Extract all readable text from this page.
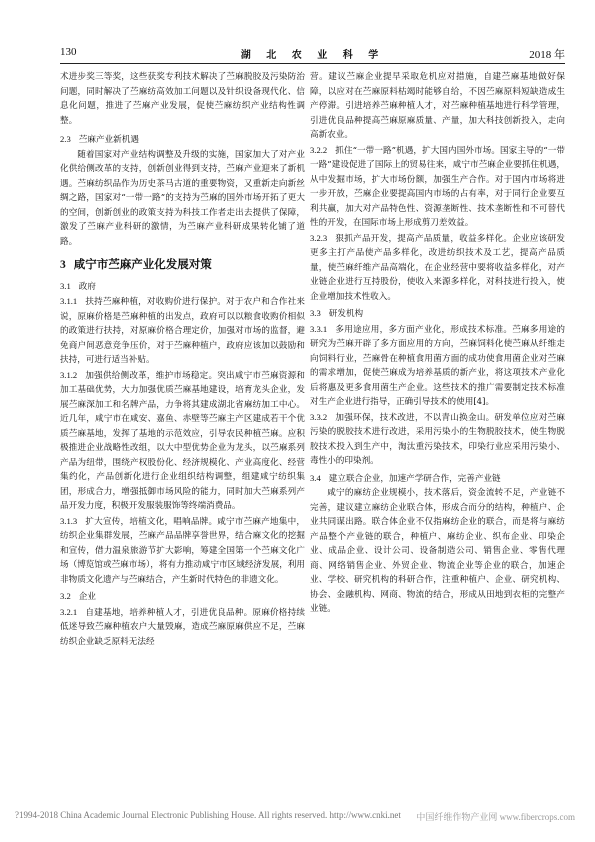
130	湖 北 农 业 科 学	2018 年

术进步奖三等奖，这些获奖专利技术解决了苎麻脱胶及污染防治问题，同时解决了苎麻纺高效加工问题以及针织设备现代化、信息化问题，推进了苎麻产业发展，促使苎麻纺织产业结构性调整。

2.3 苎麻产业新机遇

随着国家对产业结构调整及升级的实施，国家加大了对产业化供给侧改革的支持，创新创业得到支持，苎麻产业迎来了新机遇。苎麻纺织品作为历史茶马古道的重要物资，又重新走向新丝绸之路，国家对“一带一路”的支持为苎麻的国外市场开拓了更大的空间，创新创业的政策支持为科技工作者走出去提供了保障，激发了苎麻产业科研的激情，为苎麻产业科研成果转化铺了道路。

3 咸宁市苎麻产业化发展对策
3.1 政府

3.1.1 扶持苎麻种植，对收购价进行保护。对于农户和合作社来说，原麻价格是苎麻种植的出发点，政府可以以粮食收购价相似的政策进行扶持，对原麻价格合理定价，加强对市场的监督，避免商户间恶意竞争压价，对于苎麻种植户，政府应该加以鼓励和扶持，可进行适当补贴。

3.1.2 加强供给侧改革，维护市场稳定。突出咸宁市苎麻资源和加工基础优势，大力加强优质苎麻基地建设，培育龙头企业，发展苎麻深加工和名牌产品，力争将其建成湖北省麻纺加工中心。近几年，咸宁市在咸安、嘉鱼、赤壁等苎麻主产区建成若干个优质苎麻基地，发挥了基地的示范效应，引导农民种植苎麻。应积极推进企业战略性改组，以大中型优势企业为龙头，以苎麻系列产品为纽带，围绕产权股份化、经济规模化、产业高度化、经营集约化，产品创新化进行企业组织结构调整，组建咸宁纺织集团，形成合力，增强抵御市场风险的能力，同时加大苎麻系列产品开发力度，积极开发服装服饰等终端消费品。

3.1.3 扩大宣传，培植文化，唱响品牌。咸宁市苎麻产地集中，纺织企业集群发展，苎麻产品品牌享誉世界，结合麻文化的挖掘和宣传，借力温泉旅游节扩大影响，筹建全国第一个苎麻文化广场（博览馆或苎麻市场），将有力推动咸宁市区域经济发展，利用非物质文化遗产与苎麻结合，产生新时代特色的非遗文化。

3.2 企业

3.2.1 自建基地，培养种植人才，引进优良品种。原麻价格持续低迷导致苎麻种植农户大量毁麻，造成苎麻原麻供应不足，苎麻纺织企业缺乏原料无法经

营。建议苎麻企业提早采取危机应对措施，自建苎麻基地做好保障，以应对在苎麻原料枯竭时能够自给，不因苎麻原料短缺造成生产停滞。引进培养苎麻种植人才，对苎麻种植基地进行科学管理，引进优良品种提高苎麻原麻质量、产量，加大科技创新投入，走向高新农业。

3.2.2 抓住“一带一路”机遇，扩大国内国外市场。国家主导的“一带一路”建设促进了国际上的贸易往来，咸宁市苎麻企业要抓住机遇，从中发掘市场，扩大市场份额，加强生产合作。对于国内市场将进一步开放，苎麻企业要提高国内市场的占有率，对于同行企业要互利共赢，加大对产品特色性、资源垄断性、技术垄断性和不可替代性的开发，在国际市场上形成剪刀差效益。

3.2.3 狠抓产品开发，提高产品质量，收益多样化。企业应该研发更多主打产品使产品多样化，改进纺织技术及工艺，提高产品质量，使苎麻纤维产品高端化，在企业经营中要将收益多样化，对产业链企业进行互持股份，使收入来源多样化，对科技进行投入，使企业增加技术性收入。

3.3 研发机构

3.3.1 多用途应用，多方面产业化，形成技术标准。苎麻多用途的研究为苎麻开辟了多方面应用的方向，苎麻饲料化使苎麻从纤维走向饲料行业，苎麻骨在种植食用菌方面的成功使食用菌企业对苎麻的需求增加，促使苎麻成为培养基质的新产业，将这项技术产业化后将惠及更多食用菌生产企业。这些技术的推广需要制定技术标准对生产企业进行指导，正确引导技术的使用[4]。

3.3.2 加强环保，技术改进，不以青山换金山。研发单位应对苎麻污染的脱胶技术进行改进，采用污染小的生物脱胶技术，使生物脱胶技术投入到生产中，淘汰重污染技术，印染行业应采用污染小、毒性小的印染剂。

3.4 建立联合企业，加速产学研合作，完善产业链

咸宁的麻纺企业规模小，技术落后，资金流转不足，产业链不完善，建议建立麻纺企业联合体，形成合而分的结构，种植户、企业共同谋出路。联合体企业不仅指麻纺企业的联合，而是将与麻纺产品整个产业链的联合，种植户、麻纺企业、织布企业、印染企业、成品企业、设计公司、设备制造公司、销售企业、零售代理商、网络销售企业、外贸企业、物流企业等企业的联合，加速企业、学校、研究机构的科研合作，注重种植户、企业、研究机构、协会、金融机构、网商、物流的结合，形成从田地到衣柜的完整产业链。

?1994-2018 China Academic Journal Electronic Publishing House. All rights reserved. http://www.cnki.net 中国纤维作物产业网 www.fibercrops.com
